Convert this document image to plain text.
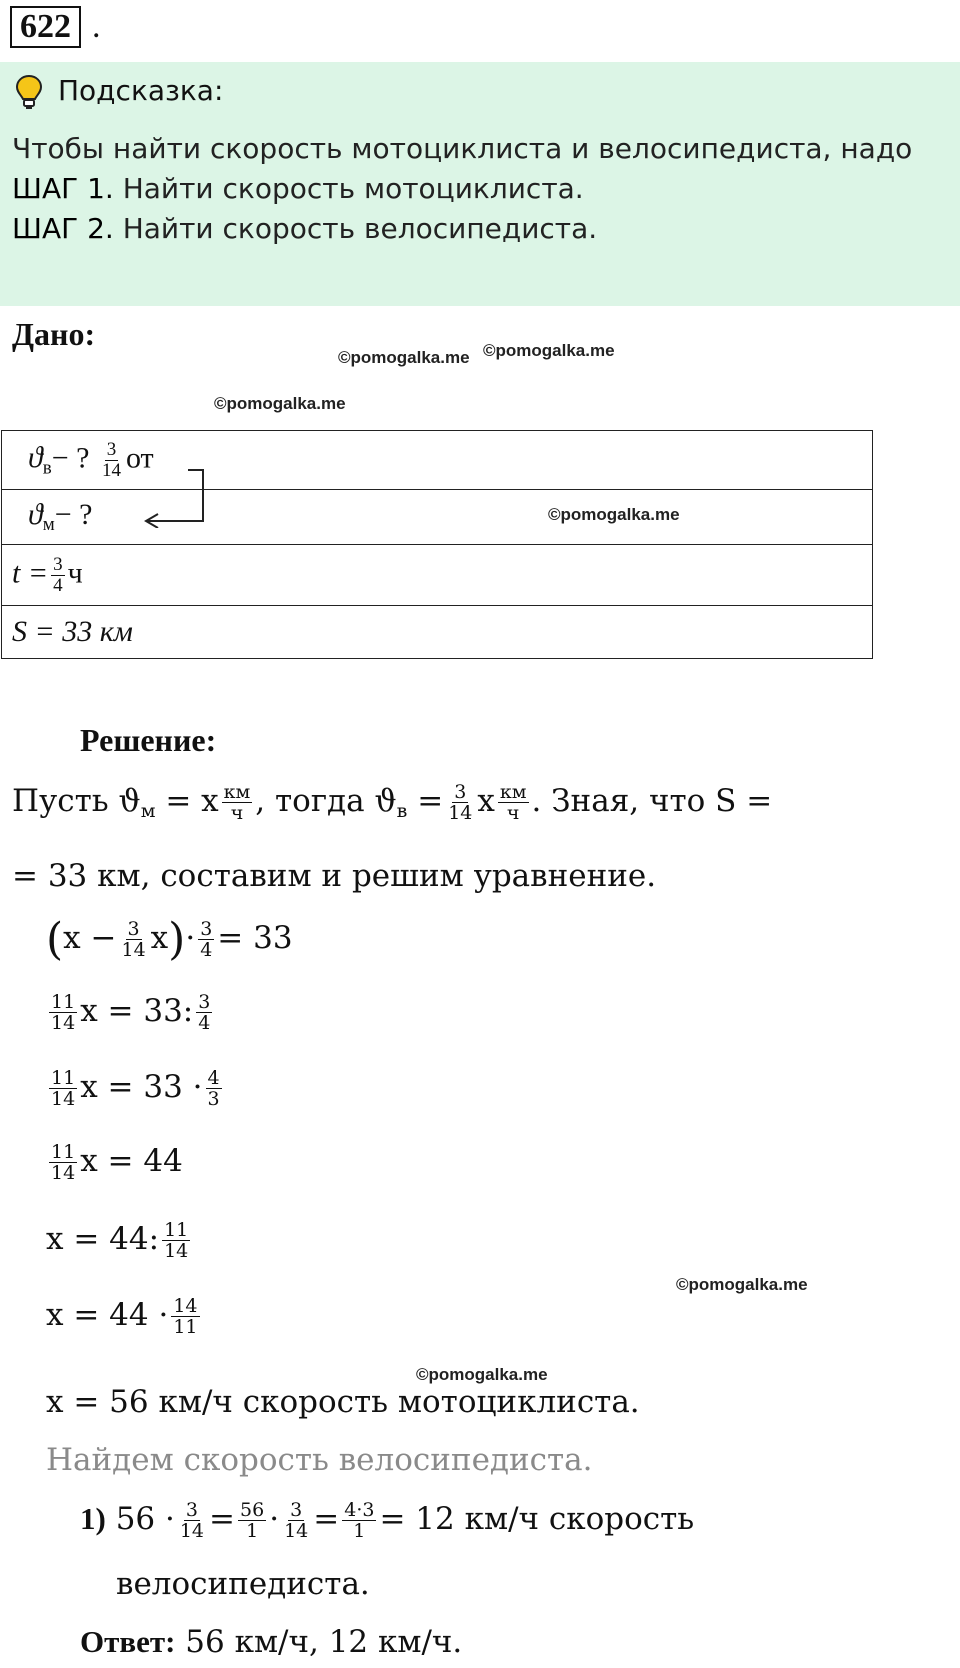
622 .
Подсказка:
Чтобы найти скорость мотоциклиста и велосипедиста, надо
ШАГ 1. Найти скорость мотоциклиста.
ШАГ 2. Найти скорость велосипедиста.
Дано:
©pomogalka.me ©pomogalka.me
©pomogalka.me
$ϑ_в-$ ? $\frac{3}{14}$ от
$ϑ_м-$ ?
$t = \frac{3}{4}$ ч
S = 33 км
©pomogalka.me
Решение:
Пусть $ϑ_м = x \frac{км}{ч}$ , тогда $ϑ_в = \frac{3}{14}$ x $\frac{км}{ч}$ . Зная, что S =
= 33 км, составим и решим уравнение.
$(x - \frac{3}{14} x)\cdot \frac{3}{4} = 33$
$\frac{11}{14}$ x = 33: $\frac{3}{4}$
$\frac{11}{14}$ $x = 33 \cdot \frac{4}{3}$
$\frac{11}{14}$ x = 44
x = 44: $\frac{11}{14}$
©pomogalka.me
$x = 44 \cdot \frac{14}{11}$
©pomogalka.me
x = 56 км/ч скорость мотоциклиста.
Найдем скорость велосипедиста.
1) $56 \cdot \frac{3}{14} = \frac{56}{1} \cdot \frac{3}{14} = \frac{4\cdot 3}{1} = 12$ км/ч скорость
велосипедиста.
Ответ: 56 км/ч, 12 км/ч.
